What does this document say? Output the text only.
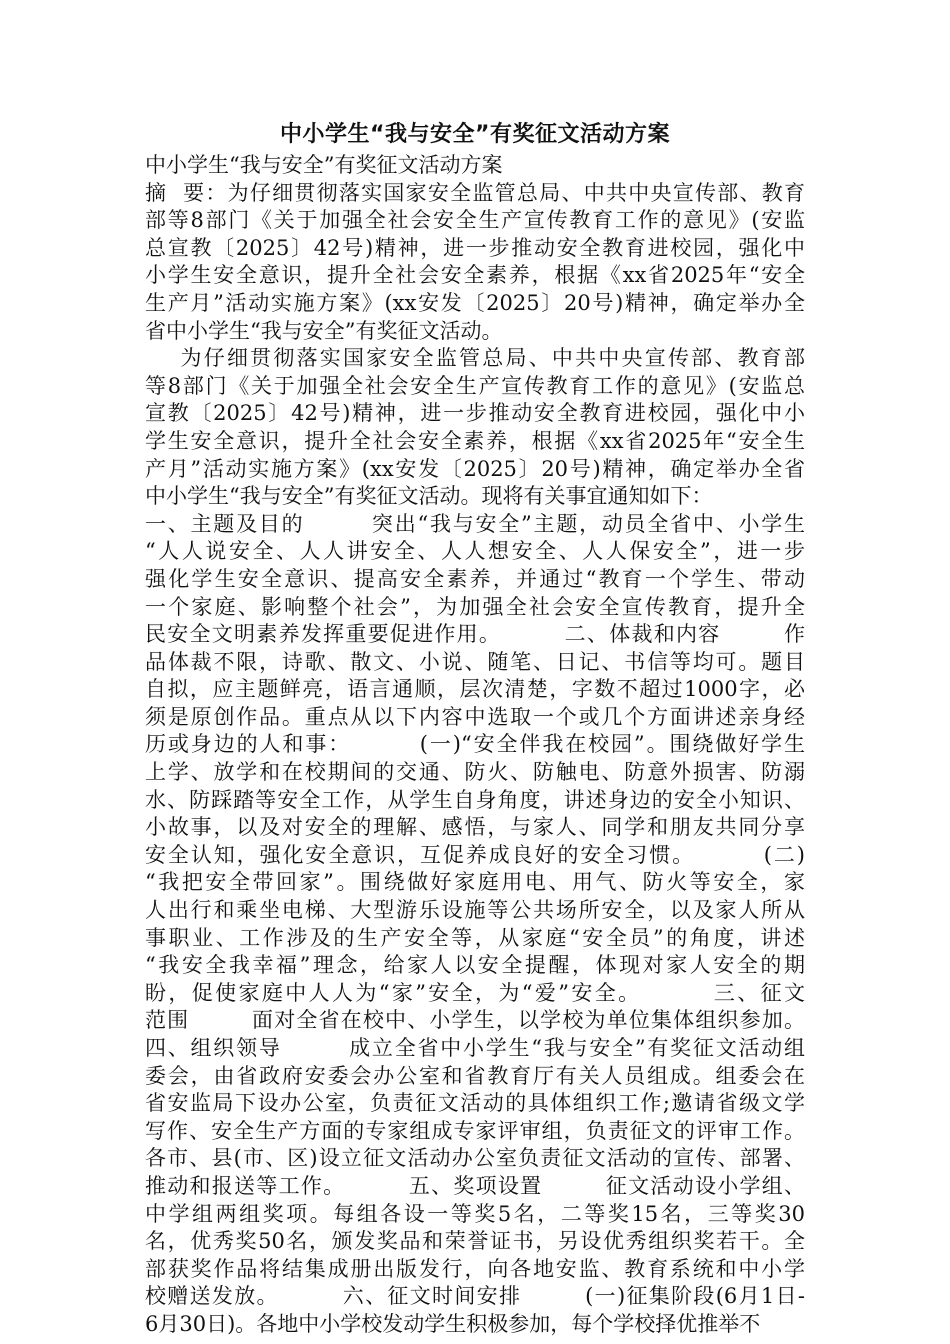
中小学生“我与安全”有奖征文活动方案

中小学生“我与安全”有奖征文活动方案

摘  要：为仔细贯彻落实国家安全监管总局、中共中央宣传部、教育

部等8部门《关于加强全社会安全生产宣传教育工作的意见》(安监

总宣教〔2025〕42号)精神，进一步推动安全教育进校园，强化中

小学生安全意识，提升全社会安全素养，根据《xx省2025年“安全

生产月”活动实施方案》(xx安发〔2025〕20号)精神，确定举办全

省中小学生“我与安全”有奖征文活动。

为仔细贯彻落实国家安全监管总局、中共中央宣传部、教育部

等8部门《关于加强全社会安全生产宣传教育工作的意见》(安监总

宣教〔2025〕42号)精神，进一步推动安全教育进校园，强化中小

学生安全意识，提升全社会安全素养，根据《xx省2025年“安全生

产月”活动实施方案》(xx安发〔2025〕20号)精神，确定举办全省

中小学生“我与安全”有奖征文活动。现将有关事宜通知如下：

一、主题及目的        突出“我与安全”主题，动员全省中、小学生

“人人说安全、人人讲安全、人人想安全、人人保安全”，进一步

强化学生安全意识、提高安全素养，并通过“教育一个学生、带动

一个家庭、影响整个社会”，为加强全社会安全宣传教育，提升全

民安全文明素养发挥重要促进作用。        二、体裁和内容        作

品体裁不限，诗歌、散文、小说、随笔、日记、书信等均可。题目

自拟，应主题鲜亮，语言通顺，层次清楚，字数不超过1000字，必

须是原创作品。重点从以下内容中选取一个或几个方面讲述亲身经

历或身边的人和事：        (一)“安全伴我在校园”。围绕做好学生

上学、放学和在校期间的交通、防火、防触电、防意外损害、防溺

水、防踩踏等安全工作，从学生自身角度，讲述身边的安全小知识、

小故事，以及对安全的理解、感悟，与家人、同学和朋友共同分享

安全认知，强化安全意识，互促养成良好的安全习惯。        (二)

“我把安全带回家”。围绕做好家庭用电、用气、防火等安全，家

人出行和乘坐电梯、大型游乐设施等公共场所安全，以及家人所从

事职业、工作涉及的生产安全等，从家庭“安全员”的角度，讲述

“我安全我幸福”理念，给家人以安全提醒，体现对家人安全的期

盼，促使家庭中人人为“家”安全，为“爱”安全。        三、征文

范围        面对全省在校中、小学生，以学校为单位集体组织参加。

四、组织领导        成立全省中小学生“我与安全”有奖征文活动组

委会，由省政府安委会办公室和省教育厅有关人员组成。组委会在

省安监局下设办公室，负责征文活动的具体组织工作;邀请省级文学

写作、安全生产方面的专家组成专家评审组，负责征文的评审工作。

各市、县(市、区)设立征文活动办公室负责征文活动的宣传、部署、

推动和报送等工作。        五、奖项设置        征文活动设小学组、

中学组两组奖项。每组各设一等奖5名，二等奖15名，三等奖30

名，优秀奖50名，颁发奖品和荣誉证书，另设优秀组织奖若干。全

部获奖作品将结集成册出版发行，向各地安监、教育系统和中小学

校赠送发放。        六、征文时间安排        (一)征集阶段(6月1日-

6月30日)。各地中小学校发动学生积极参加，每个学校择优推举不
